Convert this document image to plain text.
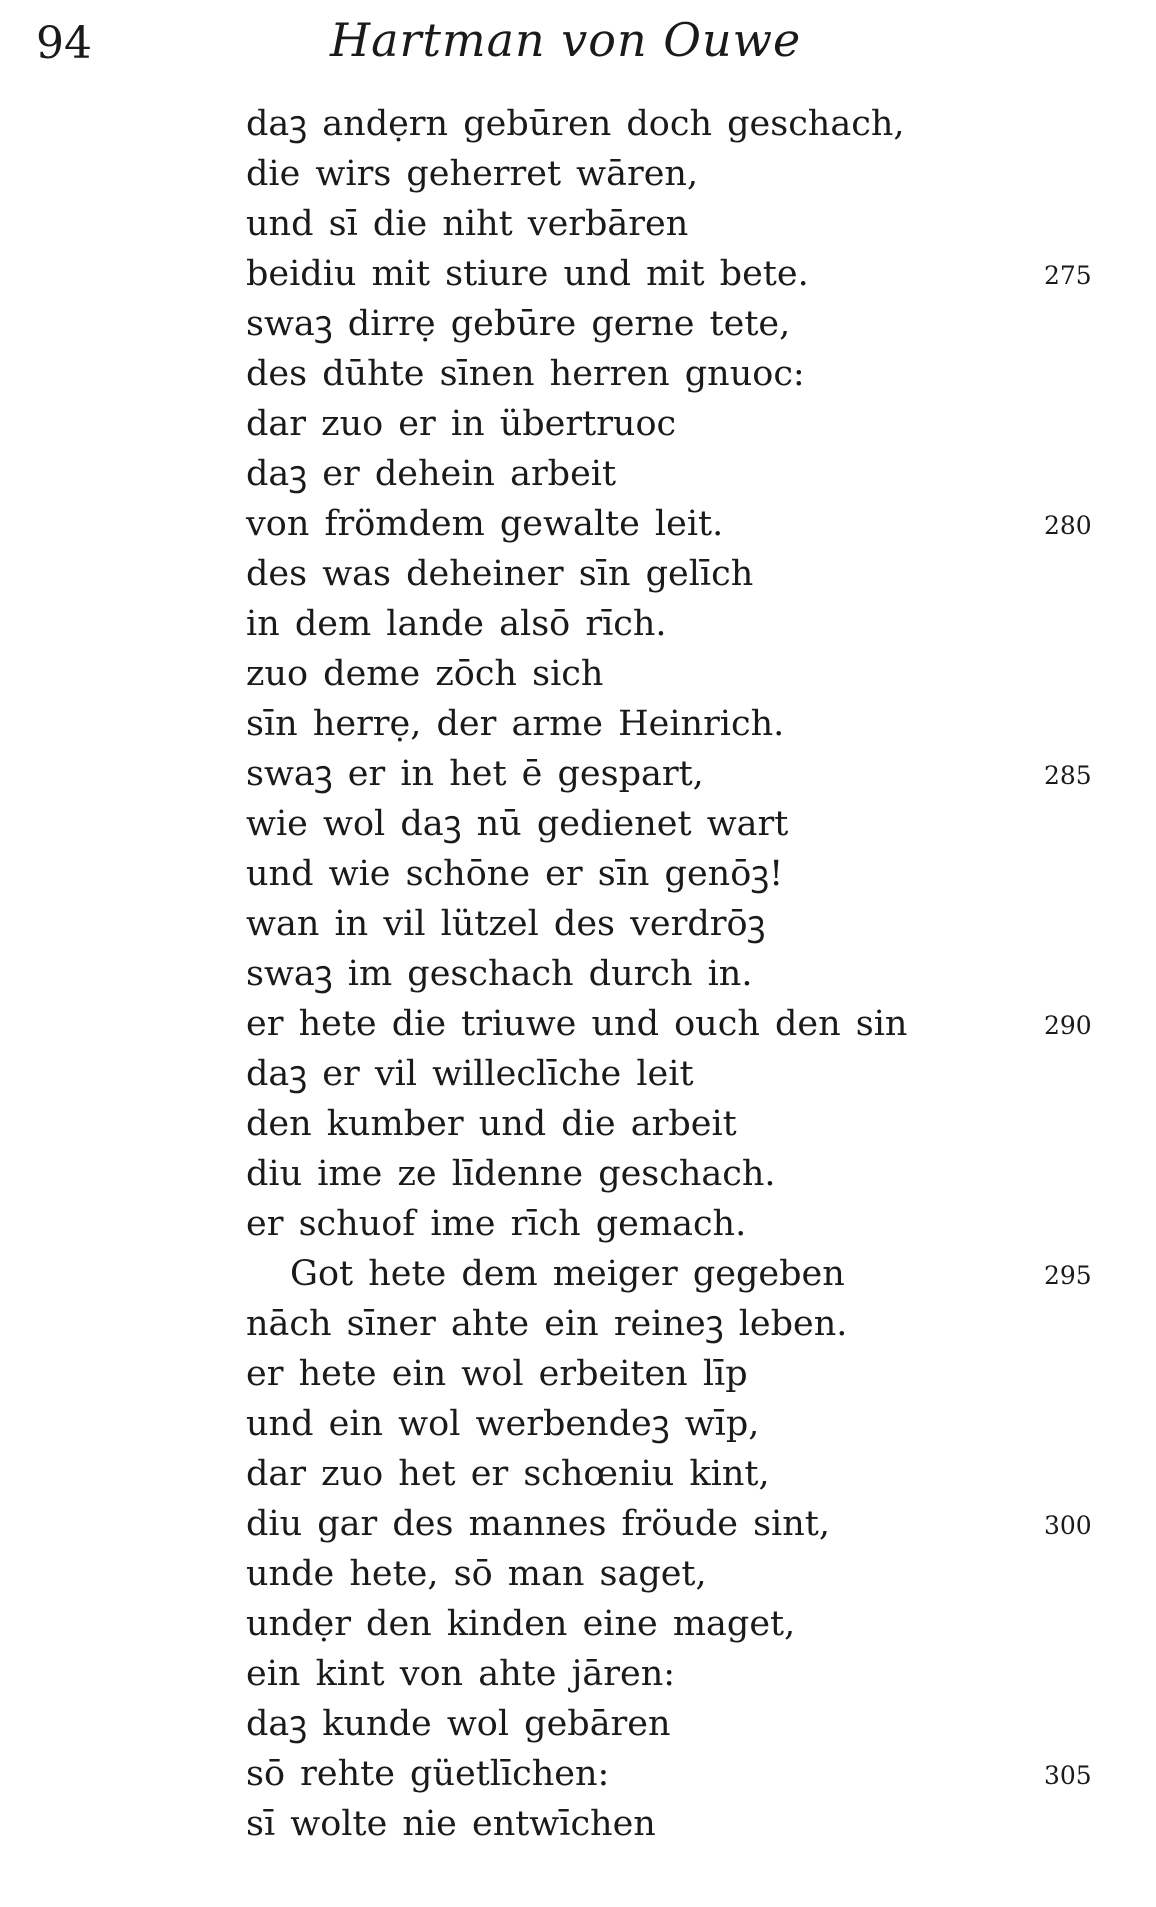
94	Hartman von Ouwe
daꝫ andẹrn gebūren doch geschach,
die wirs geherret wāren,
und sī die niht verbāren
beidiu mit stiure und mit bete.	275
swaꝫ dirrẹ gebūre gerne tete,
des dūhte sīnen herren gnuoc:
dar zuo er in übertruoc
daꝫ er dehein arbeit
von frömdem gewalte leit.	280
des was deheiner sīn gelīch
in dem lande alsō rīch.
zuo deme zōch sich
sīn herrẹ, der arme Heinrich.
swaꝫ er in het ē gespart,	285
wie wol daꝫ nū gedienet wart
und wie schōne er sīn genōꝫ!
wan in vil lützel des verdrōꝫ
swaꝫ im geschach durch in.
er hete die triuwe und ouch den sin	290
daꝫ er vil willeclīche leit
den kumber und die arbeit
diu ime ze līdenne geschach.
er schuof ime rīch gemach.
Got hete dem meiger gegeben	295
nāch sīner ahte ein reineꝫ leben.
er hete ein wol erbeiten līp
und ein wol werbendeꝫ wīp,
dar zuo het er schœniu kint,
diu gar des mannes fröude sint,	300
unde hete, sō man saget,
undẹr den kinden eine maget,
ein kint von ahte jāren:
daꝫ kunde wol gebāren
sō rehte güetlīchen:	305
sī wolte nie entwīchen
